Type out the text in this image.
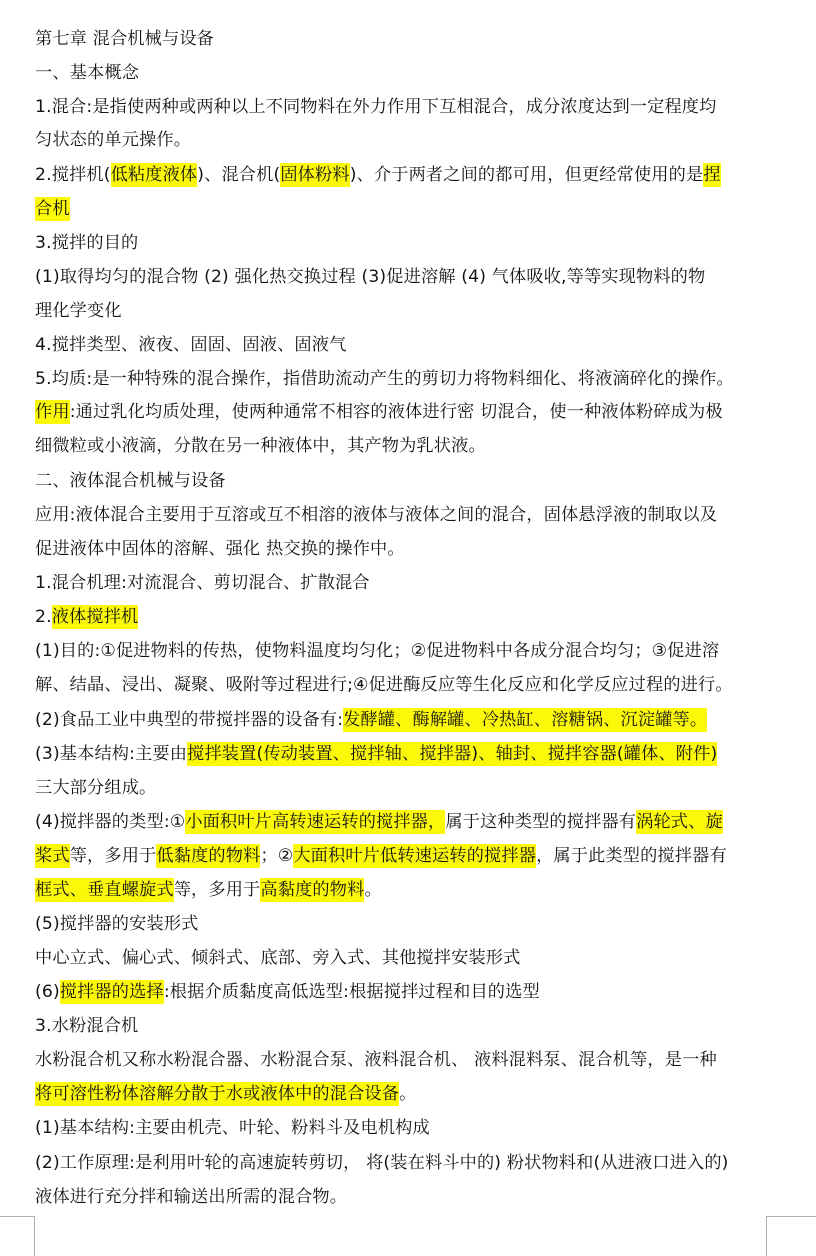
第七章 混合机械与设备
一、基本概念
1.混合:是指使两种或两种以上不同物料在外力作用下互相混合，成分浓度达到一定程度均
匀状态的单元操作。
2.搅拌机(低粘度液体)、混合机(固体粉料)、介于两者之间的都可用，但更经常使用的是捏
合机
3.搅拌的目的
(1)取得均匀的混合物 (2) 强化热交换过程 (3)促进溶解 (4) 气体吸收,等等实现物料的物
理化学变化
4.搅拌类型、液夜、固固、固液、固液气
5.均质:是一种特殊的混合操作，指借助流动产生的剪切力将物料细化、将液滴碎化的操作。
作用:通过乳化均质处理，使两种通常不相容的液体进行密 切混合，使一种液体粉碎成为极
细微粒或小液滴，分散在另一种液体中，其产物为乳状液。
二、液体混合机械与设备
应用:液体混合主要用于互溶或互不相溶的液体与液体之间的混合，固体悬浮液的制取以及
促进液体中固体的溶解、强化 热交换的操作中。
1.混合机理:对流混合、剪切混合、扩散混合
2.液体搅拌机
(1)目的:①促进物料的传热，使物料温度均匀化；②促进物料中各成分混合均匀；③促进溶
解、结晶、浸出、凝聚、吸附等过程进行;④促进酶反应等生化反应和化学反应过程的进行。
(2)食品工业中典型的带搅拌器的设备有:发酵罐、酶解罐、冷热缸、溶糖锅、沉淀罐等。
(3)基本结构:主要由搅拌装置(传动装置、搅拌轴、搅拌器)、轴封、搅拌容器(罐体、附件)
三大部分组成。
(4)搅拌器的类型:①小面积叶片高转速运转的搅拌器，属于这种类型的搅拌器有涡轮式、旋
桨式等，多用于低黏度的物料；②大面积叶片低转速运转的搅拌器，属于此类型的搅拌器有
框式、垂直螺旋式等，多用于高黏度的物料。
(5)搅拌器的安装形式
中心立式、偏心式、倾斜式、底部、旁入式、其他搅拌安装形式
(6)搅拌器的选择:根据介质黏度高低选型:根据搅拌过程和目的选型
3.水粉混合机
水粉混合机又称水粉混合器、水粉混合泵、液料混合机、 液料混料泵、混合机等，是一种
将可溶性粉体溶解分散于水或液体中的混合设备。
(1)基本结构:主要由机壳、叶轮、粉料斗及电机构成
(2)工作原理:是利用叶轮的高速旋转剪切， 将(装在料斗中的) 粉状物料和(从进液口进入的)
液体进行充分拌和输送出所需的混合物。
